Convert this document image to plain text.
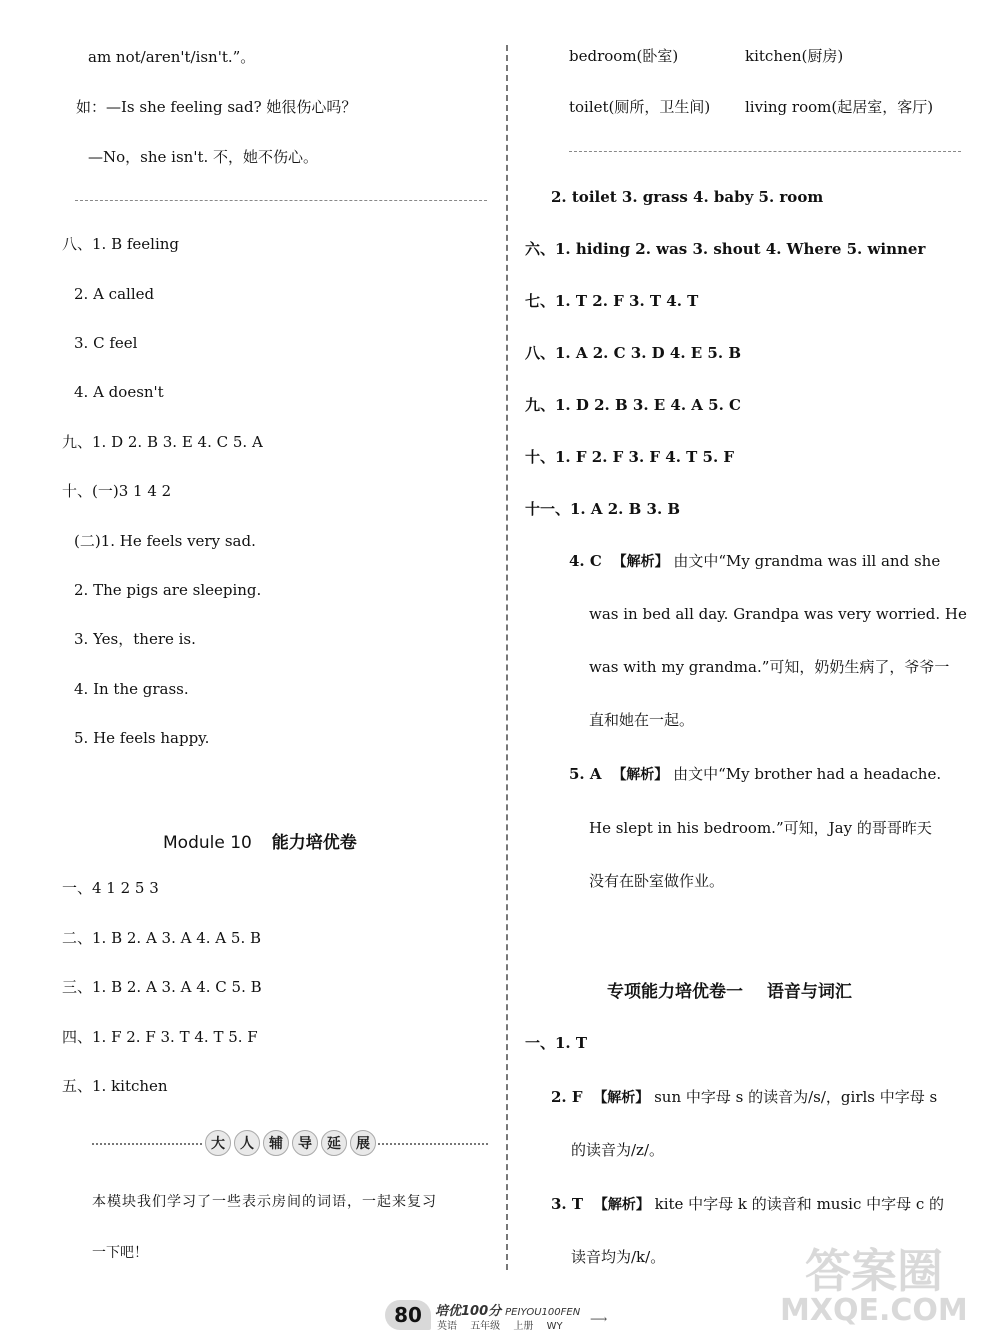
am not/aren't/isn't.”。
如：—Is she feeling sad? 她很伤心吗？
—No，she isn't. 不，她不伤心。
八、1. B feeling
2. A called
3. C feel
4. A doesn't
九、1. D 2. B 3. E 4. C 5. A
十、(一)3 1 4 2
(二)1. He feels very sad.
2. The pigs are sleeping.
3. Yes，there is.
4. In the grass.
5. He feels happy.
Module 10 能力培优卷
一、4 1 2 5 3
二、1. B 2. A 3. A 4. A 5. B
三、1. B 2. A 3. A 4. C 5. B
四、1. F 2. F 3. T 4. T 5. F
五、1. kitchen
大	人	辅	导	延	展
本模块我们学习了一些表示房间的词语，一起来复习
一下吧！
bedroom(卧室)	kitchen(厨房)
toilet(厕所，卫生间) living room(起居室，客厅)
2. toilet 3. grass 4. baby 5. room
六、1. hiding 2. was 3. shout 4. Where 5. winner
七、1. T 2. F 3. T 4. T
八、1. A 2. C 3. D 4. E 5. B
九、1. D 2. B 3. E 4. A 5. C
十、1. F 2. F 3. F 4. T 5. F
十一、1. A 2. B 3. B
4. C 【解析】 由文中“My grandma was ill and she
was in bed all day. Grandpa was very worried. He
was with my grandma.”可知，奶奶生病了，爷爷一
直和她在一起。
5. A 【解析】 由文中“My brother had a headache.
He slept in his bedroom.”可知，Jay 的哥哥昨天
没有在卧室做作业。
专项能力培优卷一 语音与词汇
一、1. T
2. F 【解析】 sun 中字母 s 的读音为/s/，girls 中字母 s
的读音为/z/。
3. T 【解析】 kite 中字母 k 的读音和 music 中字母 c 的
读音均为/k/。	答案圈
MXQE.COM
80	培优100分 PEIYOU100FEN
英语 五年级 上册 WY
⟶
